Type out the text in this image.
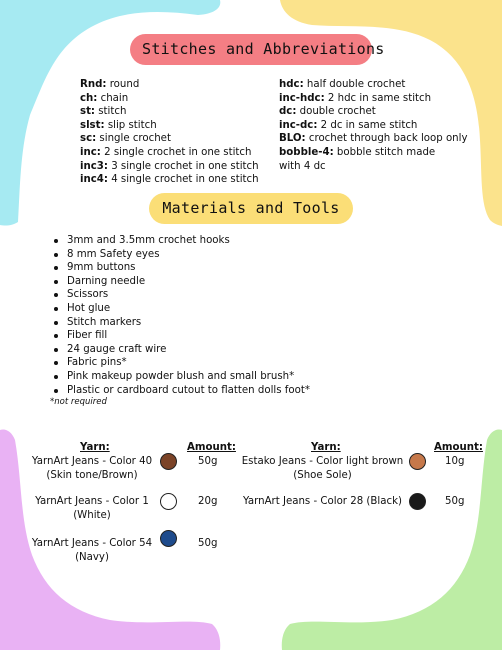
Stitches and Abbreviations
Rnd: round
ch: chain
st: stitch
slst: slip stitch
sc: single crochet
inc: 2 single crochet in one stitch
inc3: 3 single crochet in one stitch
inc4: 4 single crochet in one stitch
hdc: half double crochet
inc-hdc: 2 hdc in same stitch
dc: double crochet
inc-dc: 2 dc in same stitch
BLO: crochet through back loop only
bobble-4: bobble stitch made with 4 dc
Materials and Tools
3mm and 3.5mm crochet hooks
8 mm Safety eyes
9mm buttons
Darning needle
Scissors
Hot glue
Stitch markers
Fiber fill
24 gauge craft wire
Fabric pins*
Pink makeup powder blush and small brush*
Plastic or cardboard cutout to flatten dolls foot*
*not required
Yarn:	Amount:
YarnArt Jeans - Color 40
(Skin tone/Brown)
50g
YarnArt Jeans - Color 1
(White)
20g
YarnArt Jeans - Color 54
(Navy)
50g
Yarn:	Amount:
Estako Jeans - Color light brown
(Shoe Sole)
10g
YarnArt Jeans - Color 28 (Black)	50g
